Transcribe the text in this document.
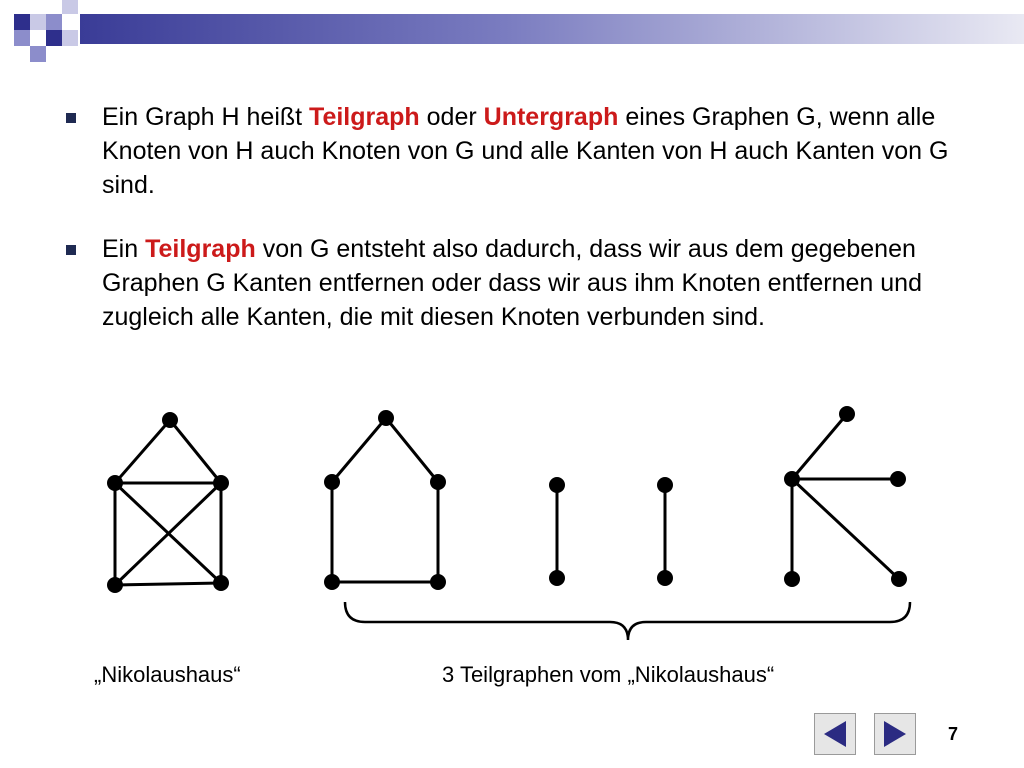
Ein Graph H heißt Teilgraph oder Untergraph eines Graphen G, wenn alle Knoten von H auch Knoten von G und alle Kanten von H auch Kanten von G sind.
Ein Teilgraph von G entsteht also dadurch, dass wir aus dem gegebenen Graphen G Kanten entfernen oder dass wir aus ihm Knoten entfernen und zugleich alle Kanten, die mit diesen Knoten verbunden sind.
„Nikolaushaus“	3 Teilgraphen vom „Nikolaushaus“
7
